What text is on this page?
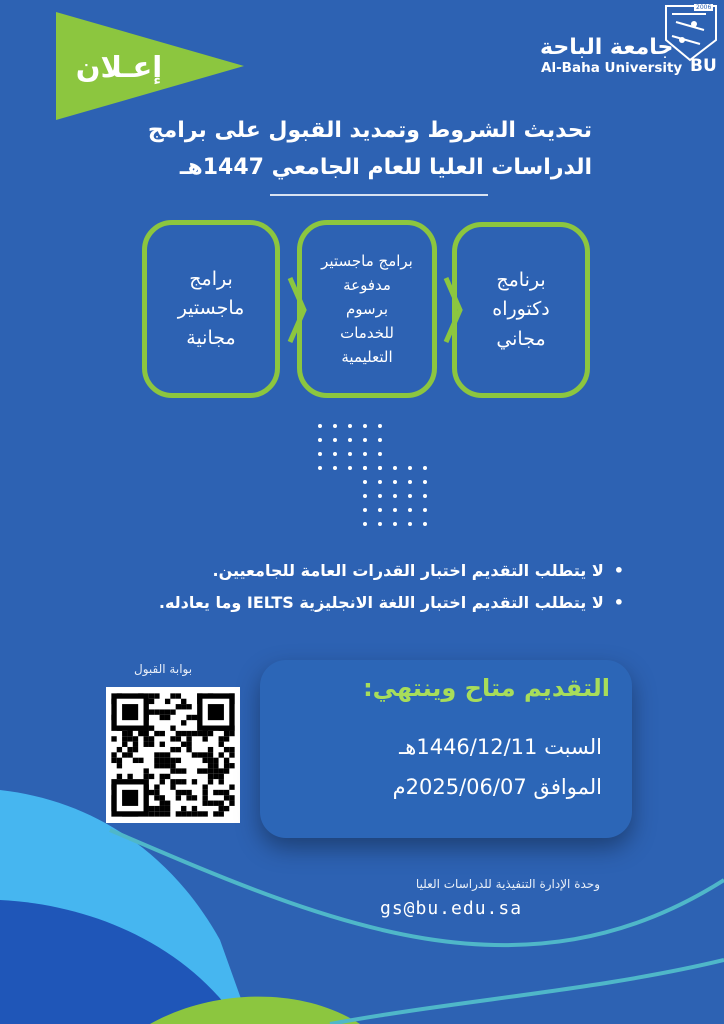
إعـلان
2006
جامعة الباحة
Al-Baha University BU
تحديث الشروط وتمديد القبول على برامج
الدراسات العليا للعام الجامعي 1447هـ
برنامج
دكتوراه
مجاني
برامج ماجستير
مدفوعة
برسوم
للخدمات
التعليمية
برامج
ماجستير
مجانية
• لا يتطلب التقديم اختبار القدرات العامة للجامعيين.
• لا يتطلب التقديم اختبار اللغة الانجليزية IELTS وما يعادله.
بوابة القبول
التقديم متاح وينتهي:
السبت 1446/12/11هـ
الموافق 2025/06/07م
وحدة الإدارة التنفيذية للدراسات العليا
gs@bu.edu.sa
